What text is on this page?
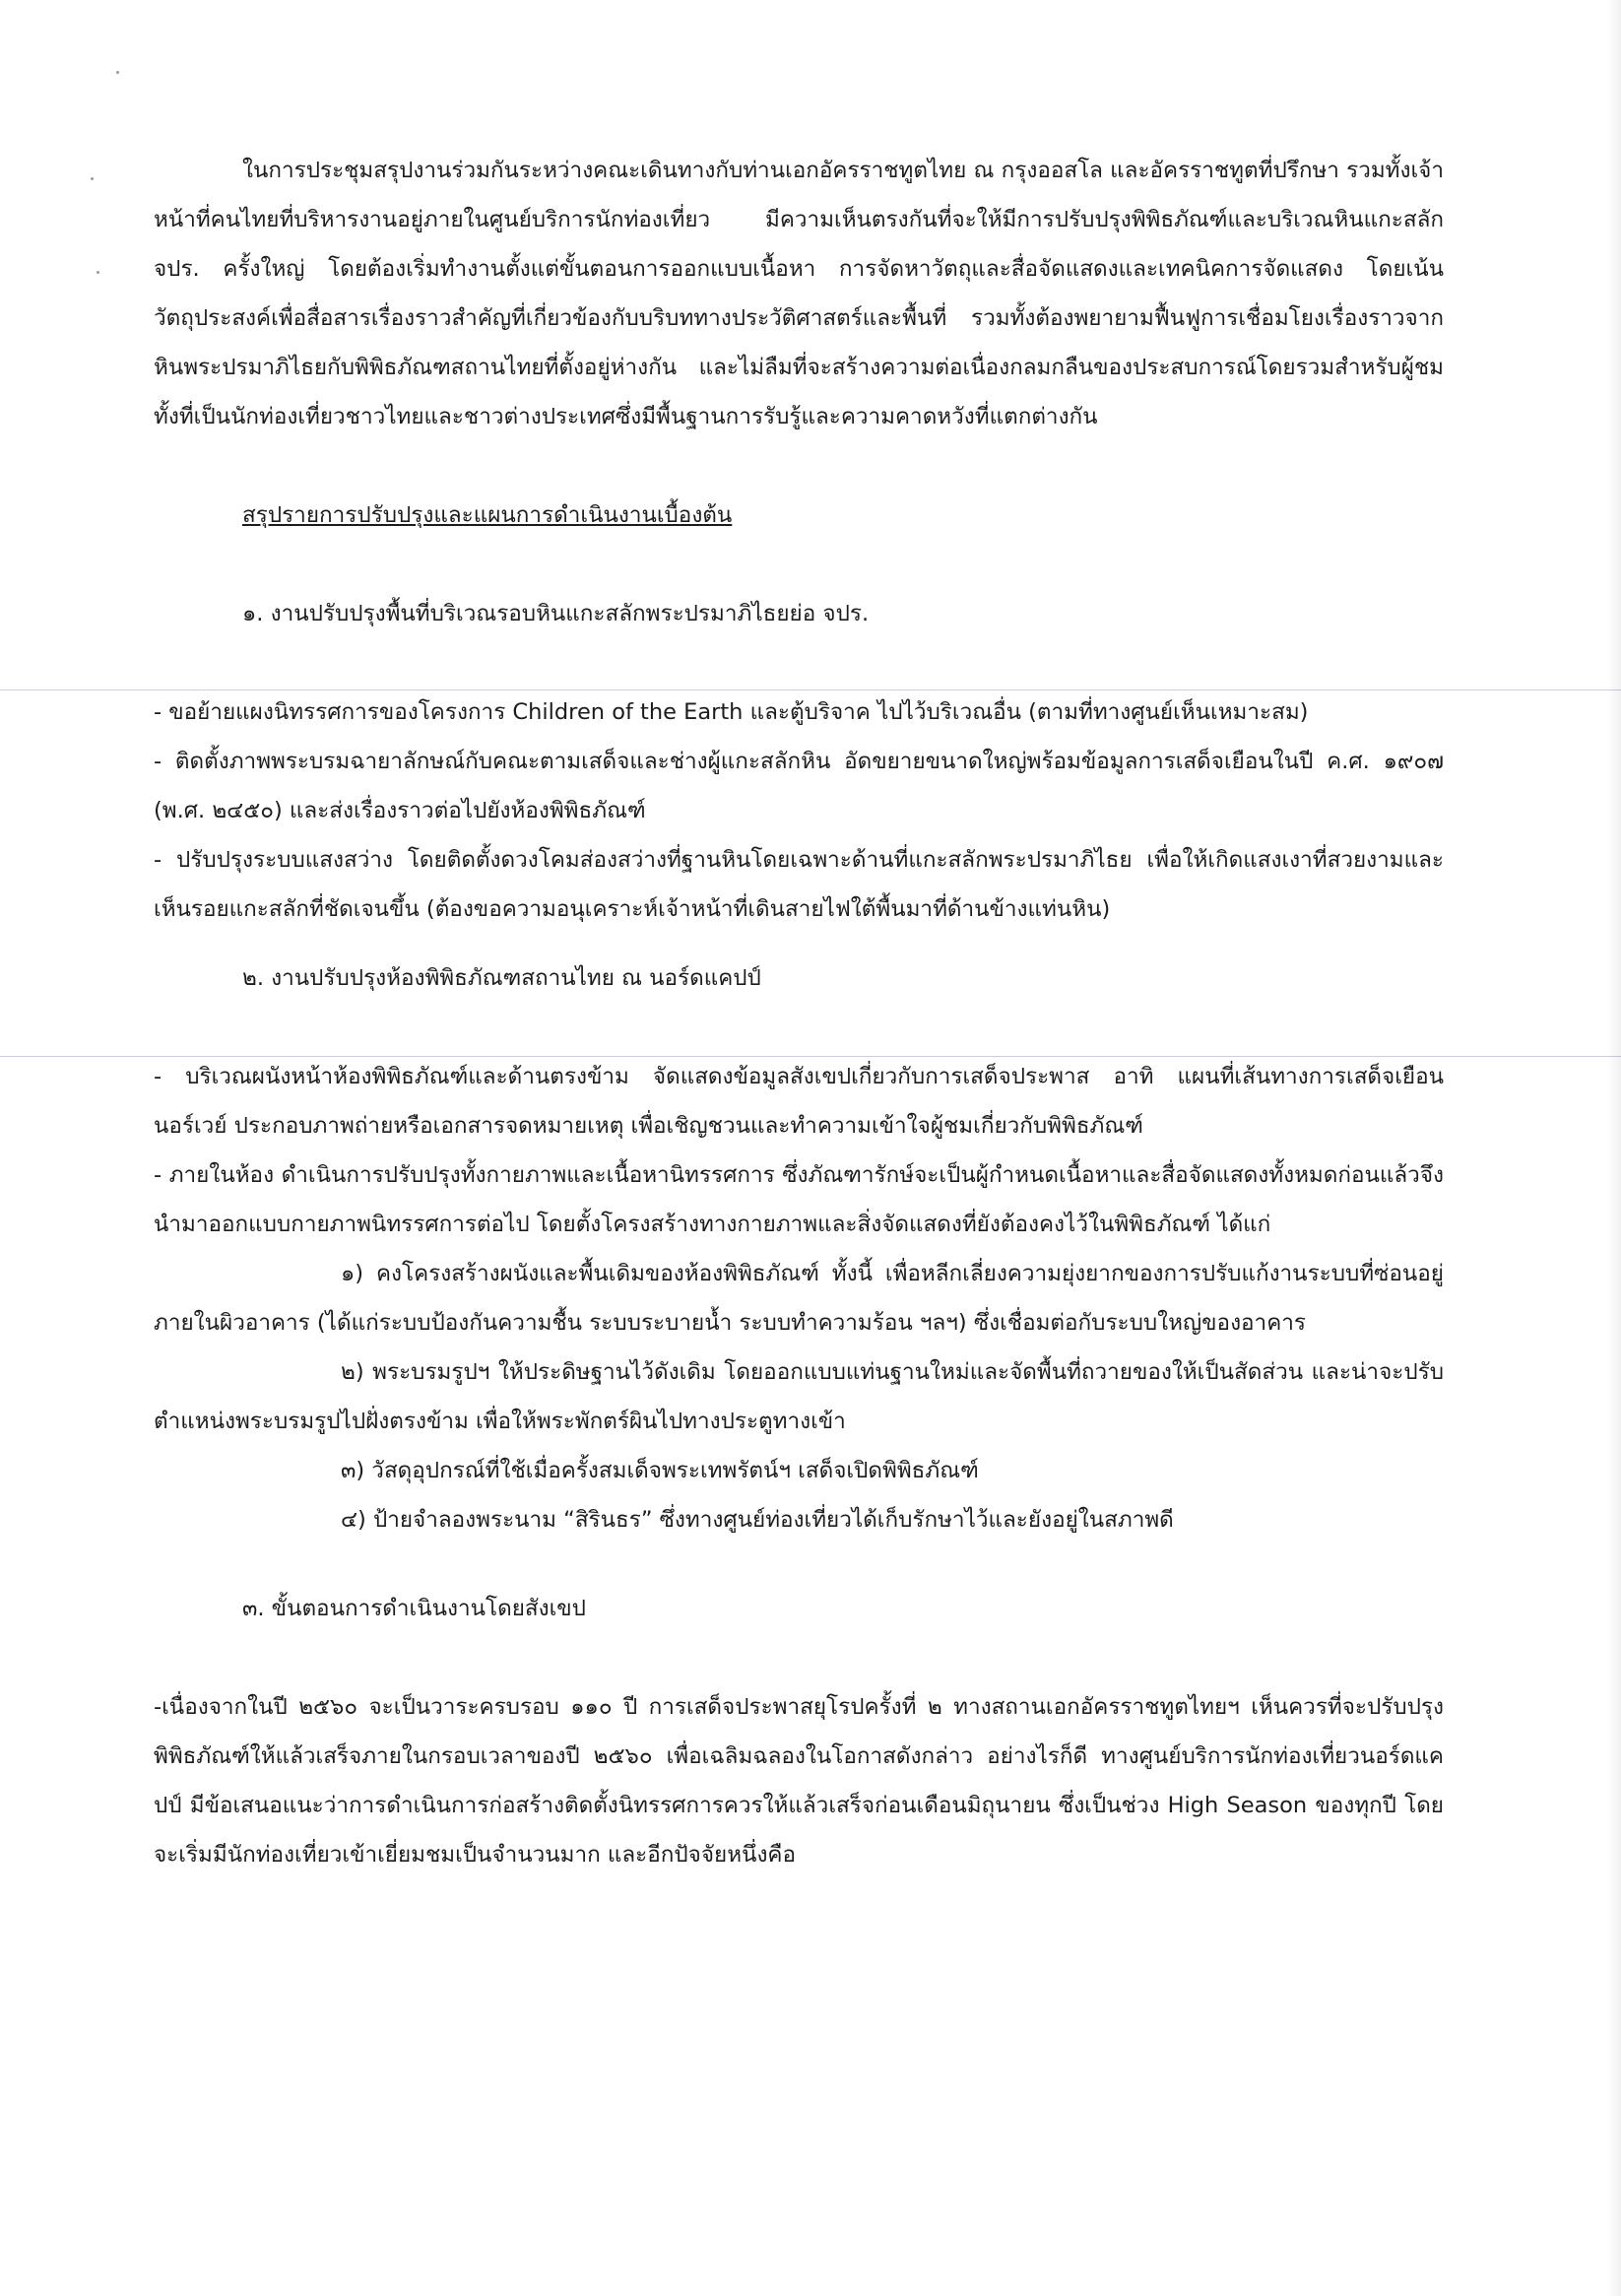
ในการประชุมสรุปงานร่วมกันระหว่างคณะเดินทางกับท่านเอกอัครราชทูตไทย ณ กรุงออสโล และอัครราชทูตที่ปรึกษา รวมทั้งเจ้าหน้าที่คนไทยที่บริหารงานอยู่ภายในศูนย์บริการนักท่องเที่ยว มีความเห็นตรงกันที่จะให้มีการปรับปรุงพิพิธภัณฑ์และบริเวณหินแกะสลัก จปร. ครั้งใหญ่ โดยต้องเริ่มทำงานตั้งแต่ขั้นตอนการออกแบบเนื้อหา การจัดหาวัตถุและสื่อจัดแสดงและเทคนิคการจัดแสดง โดยเน้นวัตถุประสงค์เพื่อสื่อสารเรื่องราวสำคัญที่เกี่ยวข้องกับบริบททางประวัติศาสตร์และพื้นที่ รวมทั้งต้องพยายามฟื้นฟูการเชื่อมโยงเรื่องราวจากหินพระปรมาภิไธยกับพิพิธภัณฑสถานไทยที่ตั้งอยู่ห่างกัน และไม่ลืมที่จะสร้างความต่อเนื่องกลมกลืนของประสบการณ์โดยรวมสำหรับผู้ชม ทั้งที่เป็นนักท่องเที่ยวชาวไทยและชาวต่างประเทศซึ่งมีพื้นฐานการรับรู้และความคาดหวังที่แตกต่างกัน

สรุปรายการปรับปรุงและแผนการดำเนินงานเบื้องต้น

๑. งานปรับปรุงพื้นที่บริเวณรอบหินแกะสลักพระปรมาภิไธยย่อ จปร.

- ขอย้ายแผงนิทรรศการของโครงการ Children of the Earth และตู้บริจาค ไปไว้บริเวณอื่น (ตามที่ทางศูนย์เห็นเหมาะสม)

- ติดตั้งภาพพระบรมฉายาลักษณ์กับคณะตามเสด็จและช่างผู้แกะสลักหิน อัดขยายขนาดใหญ่พร้อมข้อมูลการเสด็จเยือนในปี ค.ศ. ๑๙๐๗ (พ.ศ. ๒๔๕๐) และส่งเรื่องราวต่อไปยังห้องพิพิธภัณฑ์

- ปรับปรุงระบบแสงสว่าง โดยติดตั้งดวงโคมส่องสว่างที่ฐานหินโดยเฉพาะด้านที่แกะสลักพระปรมาภิไธย เพื่อให้เกิดแสงเงาที่สวยงามและเห็นรอยแกะสลักที่ชัดเจนขึ้น (ต้องขอความอนุเคราะห์เจ้าหน้าที่เดินสายไฟใต้พื้นมาที่ด้านข้างแท่นหิน)

๒. งานปรับปรุงห้องพิพิธภัณฑสถานไทย ณ นอร์ดแคปป์

- บริเวณผนังหน้าห้องพิพิธภัณฑ์และด้านตรงข้าม จัดแสดงข้อมูลสังเขปเกี่ยวกับการเสด็จประพาส อาทิ แผนที่เส้นทางการเสด็จเยือนนอร์เวย์ ประกอบภาพถ่ายหรือเอกสารจดหมายเหตุ เพื่อเชิญชวนและทำความเข้าใจผู้ชมเกี่ยวกับพิพิธภัณฑ์

- ภายในห้อง ดำเนินการปรับปรุงทั้งกายภาพและเนื้อหานิทรรศการ ซึ่งภัณฑารักษ์จะเป็นผู้กำหนดเนื้อหาและสื่อจัดแสดงทั้งหมดก่อนแล้วจึงนำมาออกแบบกายภาพนิทรรศการต่อไป โดยตั้งโครงสร้างทางกายภาพและสิ่งจัดแสดงที่ยังต้องคงไว้ในพิพิธภัณฑ์ ได้แก่

๑) คงโครงสร้างผนังและพื้นเดิมของห้องพิพิธภัณฑ์ ทั้งนี้ เพื่อหลีกเลี่ยงความยุ่งยากของการปรับแก้งานระบบที่ซ่อนอยู่ภายในผิวอาคาร (ได้แก่ระบบป้องกันความชื้น ระบบระบายน้ำ ระบบทำความร้อน ฯลฯ) ซึ่งเชื่อมต่อกับระบบใหญ่ของอาคาร

๒) พระบรมรูปฯ ให้ประดิษฐานไว้ดังเดิม โดยออกแบบแท่นฐานใหม่และจัดพื้นที่ถวายของให้เป็นสัดส่วน และน่าจะปรับตำแหน่งพระบรมรูปไปฝั่งตรงข้าม เพื่อให้พระพักตร์ผินไปทางประตูทางเข้า

๓) วัสดุอุปกรณ์ที่ใช้เมื่อครั้งสมเด็จพระเทพรัตน์ฯ เสด็จเปิดพิพิธภัณฑ์

๔) ป้ายจำลองพระนาม “สิรินธร” ซึ่งทางศูนย์ท่องเที่ยวได้เก็บรักษาไว้และยังอยู่ในสภาพดี

๓. ขั้นตอนการดำเนินงานโดยสังเขป

-เนื่องจากในปี ๒๕๖๐ จะเป็นวาระครบรอบ ๑๑๐ ปี การเสด็จประพาสยุโรปครั้งที่ ๒ ทางสถานเอกอัครราชทูตไทยฯ เห็นควรที่จะปรับปรุงพิพิธภัณฑ์ให้แล้วเสร็จภายในกรอบเวลาของปี ๒๕๖๐ เพื่อเฉลิมฉลองในโอกาสดังกล่าว อย่างไรก็ดี ทางศูนย์บริการนักท่องเที่ยวนอร์ดแคปป์ มีข้อเสนอแนะว่าการดำเนินการก่อสร้างติดตั้งนิทรรศการควรให้แล้วเสร็จก่อนเดือนมิถุนายน ซึ่งเป็นช่วง High Season ของทุกปี โดยจะเริ่มมีนักท่องเที่ยวเข้าเยี่ยมชมเป็นจำนวนมาก และอีกปัจจัยหนึ่งคือ
